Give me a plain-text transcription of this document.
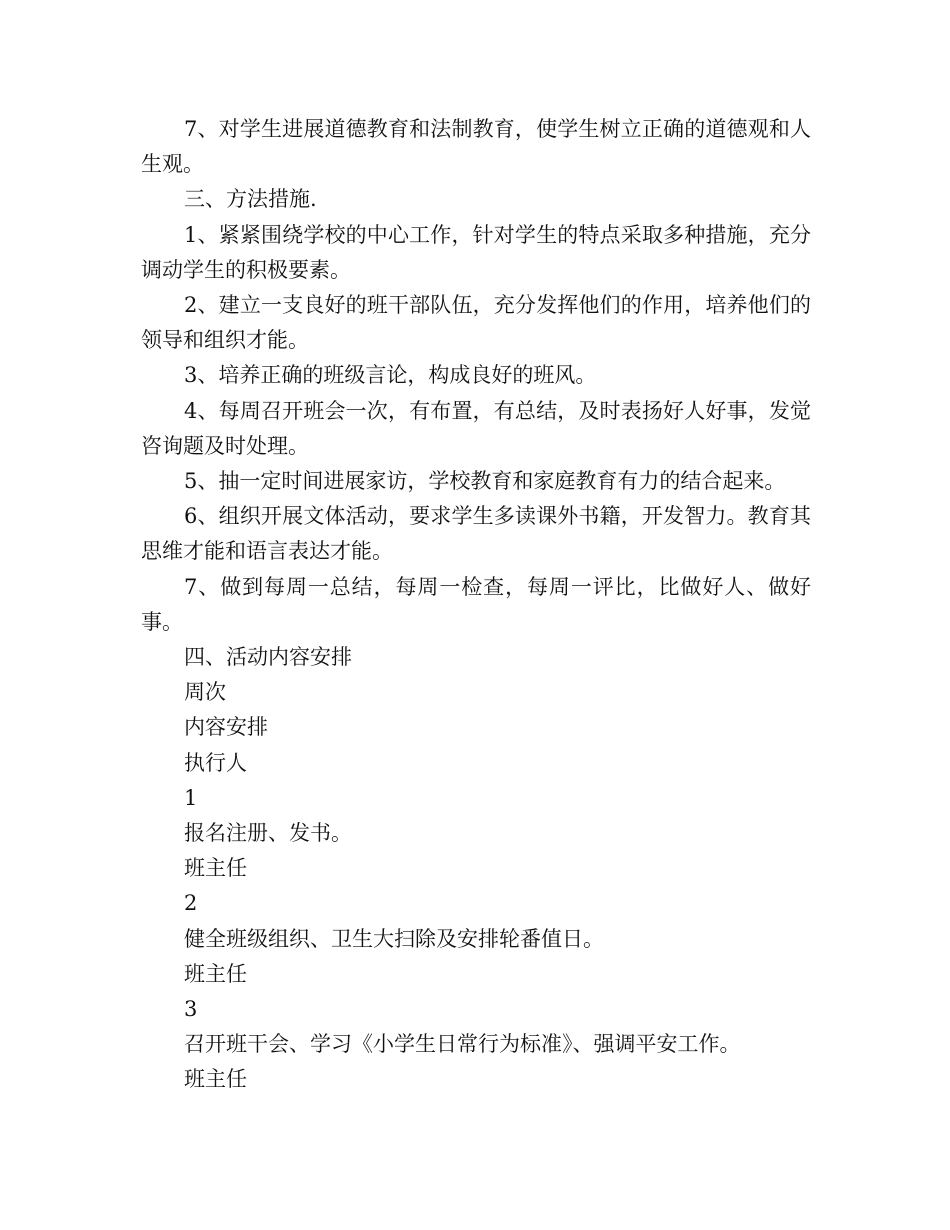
7、对学生进展道德教育和法制教育，使学生树立正确的道德观和人生观。

三、方法措施.

1、紧紧围绕学校的中心工作，针对学生的特点采取多种措施，充分调动学生的积极要素。

2、建立一支良好的班干部队伍，充分发挥他们的作用，培养他们的领导和组织才能。

3、培养正确的班级言论，构成良好的班风。

4、每周召开班会一次，有布置，有总结，及时表扬好人好事，发觉咨询题及时处理。

5、抽一定时间进展家访，学校教育和家庭教育有力的结合起来。

6、组织开展文体活动，要求学生多读课外书籍，开发智力。教育其思维才能和语言表达才能。

7、做到每周一总结，每周一检查，每周一评比，比做好人、做好事。

四、活动内容安排

周次
内容安排
执行人
1
报名注册、发书。
班主任
2
健全班级组织、卫生大扫除及安排轮番值日。
班主任
3
召开班干会、学习《小学生日常行为标准》、强调平安工作。
班主任
